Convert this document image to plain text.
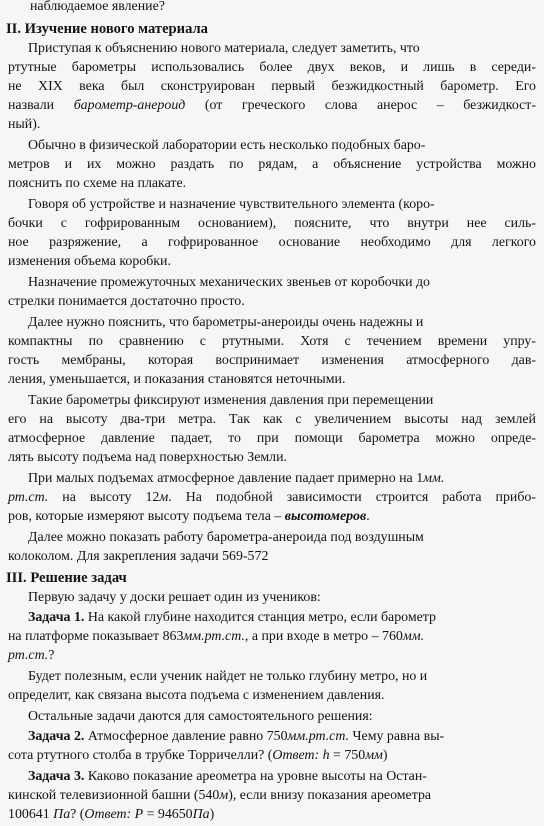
наблюдаемое явление?
II. Изучение нового материала
Приступая к объяснению нового материала, следует заметить, что
ртутные барометры использовались более двух веков, и лишь в середи-
не XIX века был сконструирован первый безжидкостный барометр. Его
назвали барометр-анероид (от греческого слова анерос – безжидкост-
ный).
Обычно в физической лаборатории есть несколько подобных баро-
метров и их можно раздать по рядам, а объяснение устройства можно
пояснить по схеме на плакате.
Говоря об устройстве и назначение чувствительного элемента (коро-
бочки с гофрированным основанием), поясните, что внутри нее силь-
ное разряжение, а гофрированное основание необходимо для легкого
изменения объема коробки.
Назначение промежуточных механических звеньев от коробочки до
стрелки понимается достаточно просто.
Далее нужно пояснить, что барометры-анероиды очень надежны и
компактны по сравнению с ртутными. Хотя с течением времени упру-
гость мембраны, которая воспринимает изменения атмосферного дав-
ления, уменьшается, и показания становятся неточными.
Такие барометры фиксируют изменения давления при перемещении
его на высоту два-три метра. Так как с увеличением высоты над землей
атмосферное давление падает, то при помощи барометра можно опреде-
лять высоту подъема над поверхностью Земли.
При малых подъемах атмосферное давление падает примерно на 1мм.
рт.ст. на высоту 12м. На подобной зависимости строится работа прибо-
ров, которые измеряют высоту подъема тела – высотомеров.
Далее можно показать работу барометра-анероида под воздушным
колоколом. Для закрепления задачи 569-572
III. Решение задач
Первую задачу у доски решает один из учеников:
Задача 1. На какой глубине находится станция метро, если барометр
на платформе показывает 863мм.рт.ст., а при входе в метро – 760мм.
рт.ст.?
Будет полезным, если ученик найдет не только глубину метро, но и
определит, как связана высота подъема с изменением давления.
Остальные задачи даются для самостоятельного решения:
Задача 2. Атмосферное давление равно 750мм.рт.ст. Чему равна вы-
сота ртутного столба в трубке Торричелли? (Ответ: h = 750мм)
Задача 3. Каково показание ареометра на уровне высоты на Остан-
кинской телевизионной башни (540м), если внизу показания ареометра
100641 Па? (Ответ: P = 94650Па)
